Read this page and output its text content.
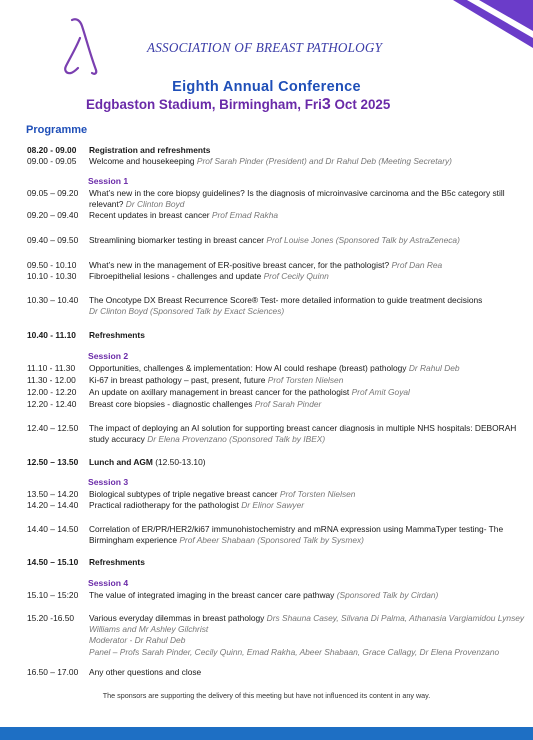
ASSOCIATION OF BREAST PATHOLOGY
Eighth Annual Conference
Edgbaston Stadium, Birmingham, Fri3 Oct 2025
Programme
08.20 - 09.00	Registration and refreshments
09.00 - 09.05	Welcome and housekeeping Prof Sarah Pinder (President) and Dr Rahul Deb (Meeting Secretary)
Session 1
09.05 – 09.20	What’s new in the core biopsy guidelines? Is the diagnosis of microinvasive carcinoma and the B5c category still relevant? Dr Clinton Boyd
09.20 – 09.40	Recent updates in breast cancer Prof Emad Rakha
09.40 – 09.50	Streamlining biomarker testing in breast cancer Prof Louise Jones (Sponsored Talk by AstraZeneca)
09.50 - 10.10	What’s new in the management of ER-positive breast cancer, for the pathologist? Prof Dan Rea
10.10 - 10.30	Fibroepithelial lesions - challenges and update Prof Cecily Quinn
10.30 – 10.40	The Oncotype DX Breast Recurrence Score® Test- more detailed information to guide treatment decisions
Dr Clinton Boyd (Sponsored Talk by Exact Sciences)
10.40 - 11.10	Refreshments
Session 2
11.10 - 11.30	Opportunities, challenges & implementation: How AI could reshape (breast) pathology Dr Rahul Deb
11.30 - 12.00	Ki-67 in breast pathology – past, present, future Prof Torsten Nielsen
12.00 - 12.20	An update on axillary management in breast cancer for the pathologist Prof Amit Goyal
12.20 - 12.40	Breast core biopsies - diagnostic challenges Prof Sarah Pinder
12.40 – 12.50	The impact of deploying an AI solution for supporting breast cancer diagnosis in multiple NHS hospitals: DEBORAH study accuracy Dr Elena Provenzano (Sponsored Talk by IBEX)
12.50 – 13.50	Lunch and AGM (12.50-13.10)
Session 3
13.50 – 14.20	Biological subtypes of triple negative breast cancer Prof Torsten Nielsen
14.20 – 14.40	Practical radiotherapy for the pathologist Dr Elinor Sawyer
14.40 – 14.50	Correlation of ER/PR/HER2/ki67 immunohistochemistry and mRNA expression using MammaTyper testing- The Birmingham experience Prof Abeer Shabaan (Sponsored Talk by Sysmex)
14.50 – 15.10	Refreshments
Session 4
15.10 – 15:20	The value of integrated imaging in the breast cancer care pathway (Sponsored Talk by Cirdan)
15.20 -16.50	Various everyday dilemmas in breast pathology Drs Shauna Casey, Silvana Di Palma, Athanasia Vargiamidou Lynsey Williams and Mr Ashley Gilchrist
Moderator - Dr Rahul Deb
Panel – Profs Sarah Pinder, Cecily Quinn, Emad Rakha, Abeer Shabaan, Grace Callagy, Dr Elena Provenzano
16.50 – 17.00	Any other questions and close
The sponsors are supporting the delivery of this meeting but have not influenced its content in any way.
